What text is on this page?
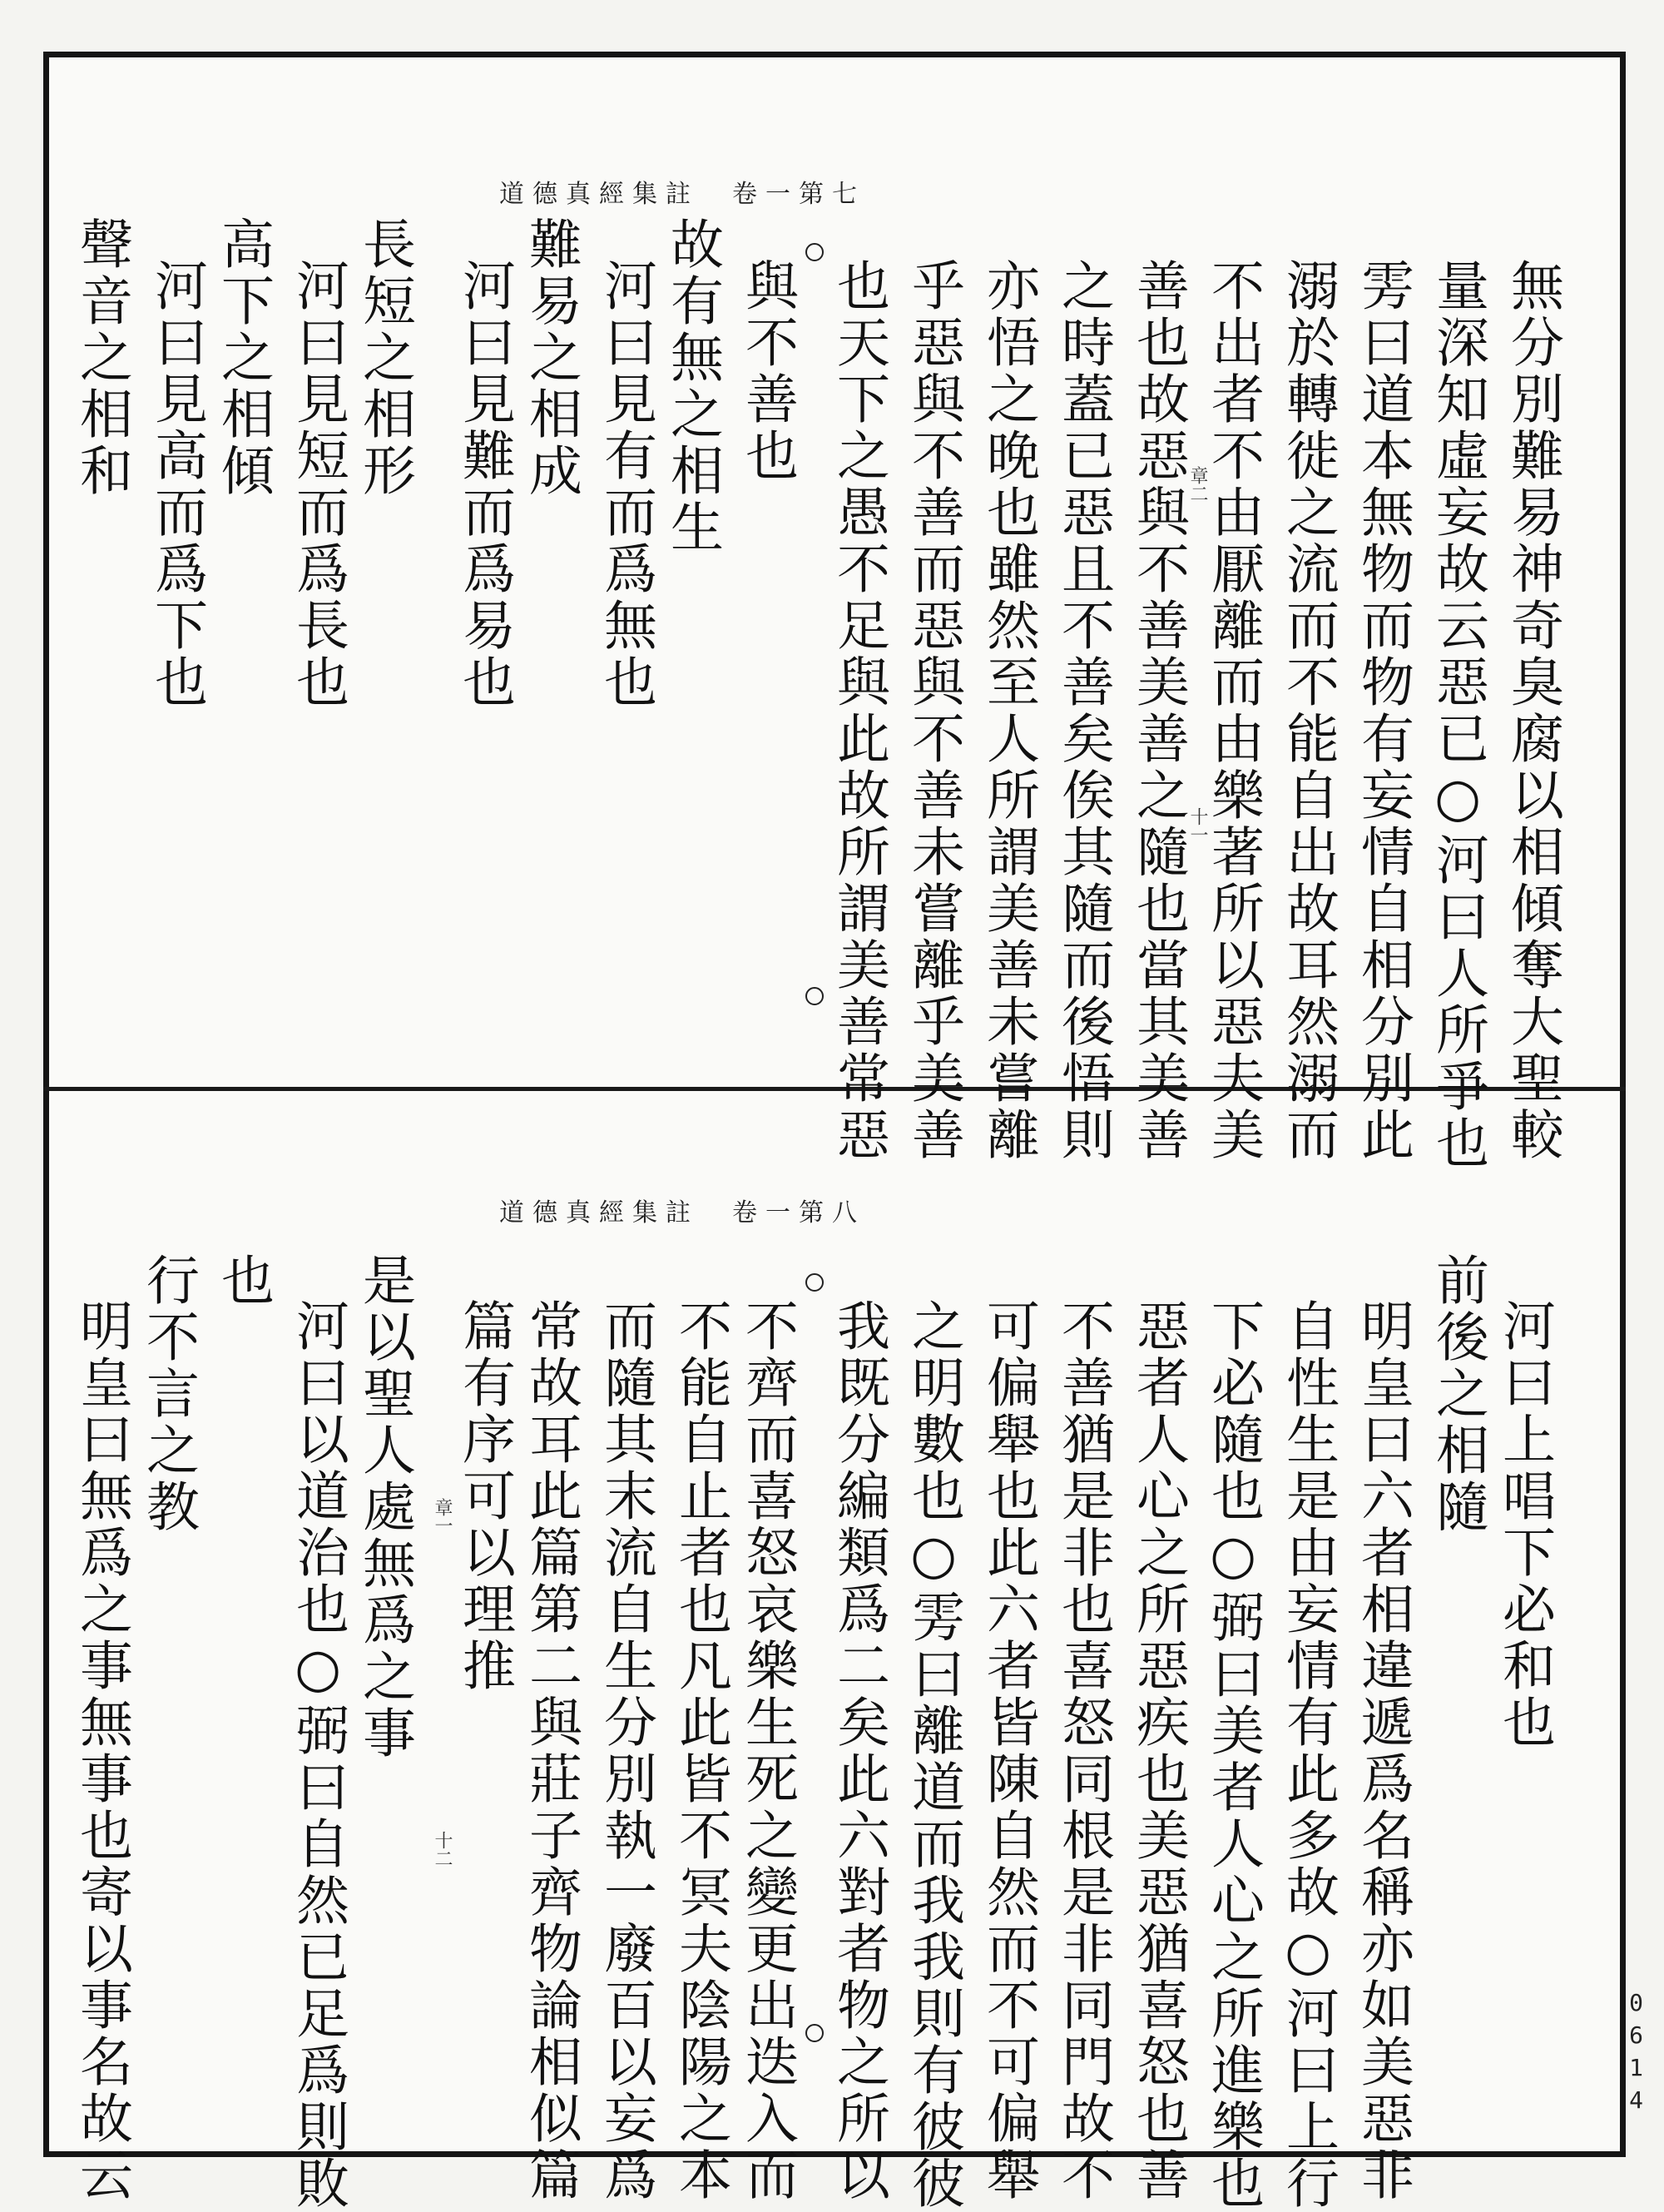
道德真經集註　卷一第七
無分別難易神奇臭腐以相傾奪大聖較
量深知虛妄故云惡已○河曰人所爭也
雱曰道本無物而物有妄情自相分別此
溺於轉徙之流而不能自出故耳然溺而
不出者不由厭離而由樂著所以惡夫美
善也故惡與不善美善之隨也當其美善
之時蓋已惡且不善矣俟其隨而後悟則
亦悟之晚也雖然至人所謂美善未嘗離
乎惡與不善而惡與不善未嘗離乎美善
也天下之愚不足與此故所謂美善常惡
與不善也
故有無之相生
河曰見有而爲無也
難易之相成
河曰見難而爲易也
長短之相形
河曰見短而爲長也
高下之相傾
河曰見高而爲下也
聲音之相和	章二
十一
道德真經集註　卷一第八
河曰上唱下必和也
前後之相隨
明皇曰六者相違遞爲名稱亦如美惡非
自性生是由妄情有此多故○河曰上行
下必隨也○弼曰美者人心之所進樂也
惡者人心之所惡疾也美惡猶喜怒也善
不善猶是非也喜怒同根是非同門故不
可偏舉也此六者皆陳自然而不可偏舉
之明數也○雱曰離道而我我則有彼彼
我既分編類爲二矣此六對者物之所以
不齊而喜怒哀樂生死之變更出迭入而
不能自止者也凡此皆不冥夫陰陽之本
而隨其末流自生分別執一廢百以妄爲
常故耳此篇第二與莊子齊物論相似篇
篇有序可以理推
是以聖人處無爲之事
河曰以道治也○弼曰自然已足爲則敗
也
行不言之教
明皇曰無爲之事無事也寄以事名故云	章一
十二
0614
